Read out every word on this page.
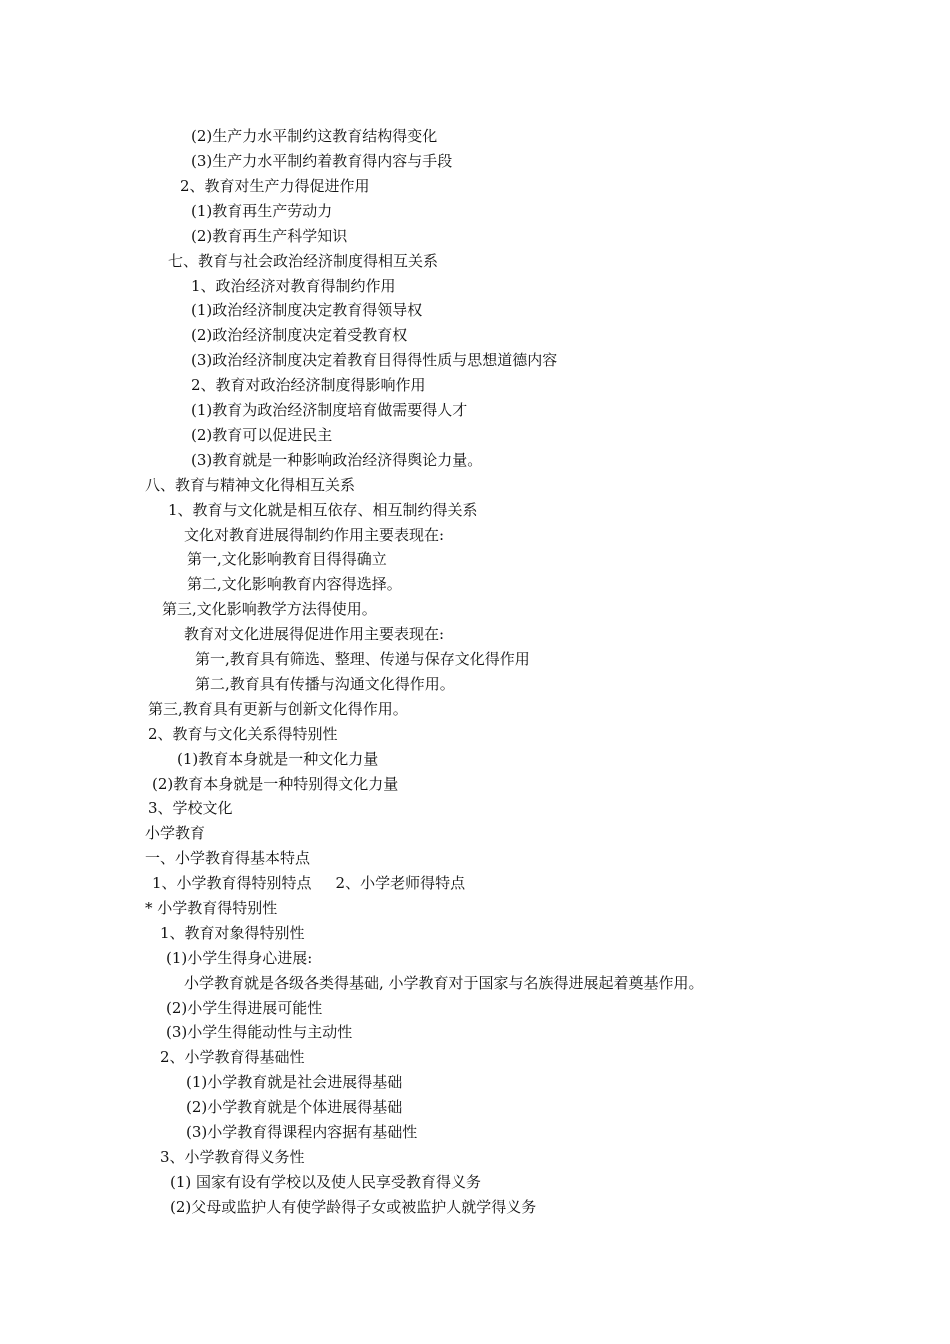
(2)生产力水平制约这教育结构得变化
(3)生产力水平制约着教育得内容与手段
2、教育对生产力得促进作用
(1)教育再生产劳动力
(2)教育再生产科学知识
七、教育与社会政治经济制度得相互关系
1、政治经济对教育得制约作用
(1)政治经济制度决定教育得领导权
(2)政治经济制度决定着受教育权
(3)政治经济制度决定着教育目得得性质与思想道德内容
2、教育对政治经济制度得影响作用
(1)教育为政治经济制度培育做需要得人才
(2)教育可以促进民主
(3)教育就是一种影响政治经济得舆论力量。
八、教育与精神文化得相互关系
1、教育与文化就是相互依存、相互制约得关系
文化对教育进展得制约作用主要表现在:
第一,文化影响教育目得得确立
第二,文化影响教育内容得选择。
第三,文化影响教学方法得使用。
教育对文化进展得促进作用主要表现在:
第一,教育具有筛选、整理、传递与保存文化得作用
第二,教育具有传播与沟通文化得作用。
第三,教育具有更新与创新文化得作用。
2、教育与文化关系得特别性
(1)教育本身就是一种文化力量
(2)教育本身就是一种特别得文化力量
3、学校文化
小学教育
一、小学教育得基本特点
1、小学教育得特别特点 2、小学老师得特点
* 小学教育得特别性
1、教育对象得特别性
(1)小学生得身心进展:
小学教育就是各级各类得基础, 小学教育对于国家与名族得进展起着奠基作用。
(2)小学生得进展可能性
(3)小学生得能动性与主动性
2、小学教育得基础性
(1)小学教育就是社会进展得基础
(2)小学教育就是个体进展得基础
(3)小学教育得课程内容据有基础性
3、小学教育得义务性
(1) 国家有设有学校以及使人民享受教育得义务
(2)父母或监护人有使学龄得子女或被监护人就学得义务
